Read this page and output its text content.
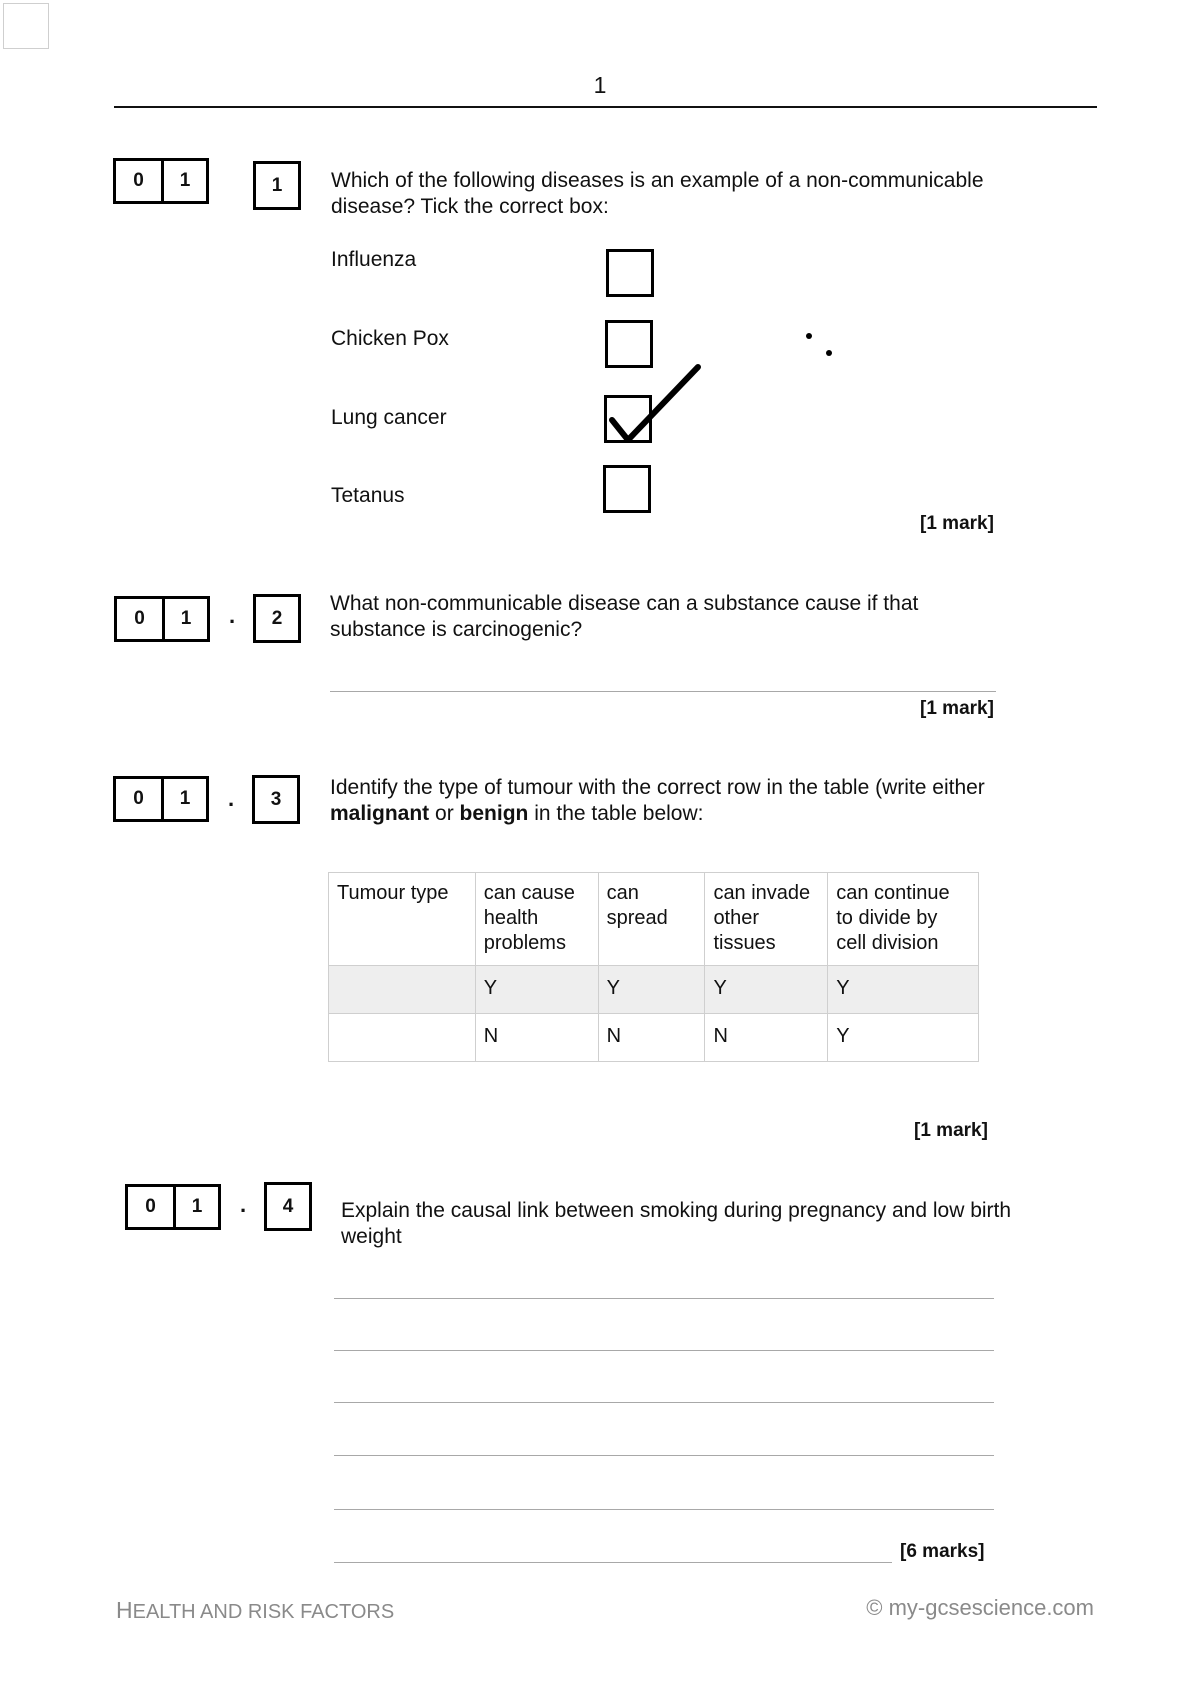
1
0	1	1	Which of the following diseases is an example of a non-communicable disease? Tick the correct box:
Influenza
Chicken Pox
Lung cancer
Tetanus
[1 mark]
0	1	.	2
What non-communicable disease can a substance cause if that substance is carcinogenic?
[1 mark]
0	1	.	3	Identify the type of tumour with the correct row in the table (write either malignant or benign in the table below:
Tumour type	can cause health problems	can spread	can invade other tissues	can continue to divide by cell division
	Y	Y	Y	Y
	N	N	N	Y
[1 mark]
0	1	.	4	Explain the causal link between smoking during pregnancy and low birth weight
[6 marks]
HEALTH AND RISK FACTORS	© my-gcsescience.com
